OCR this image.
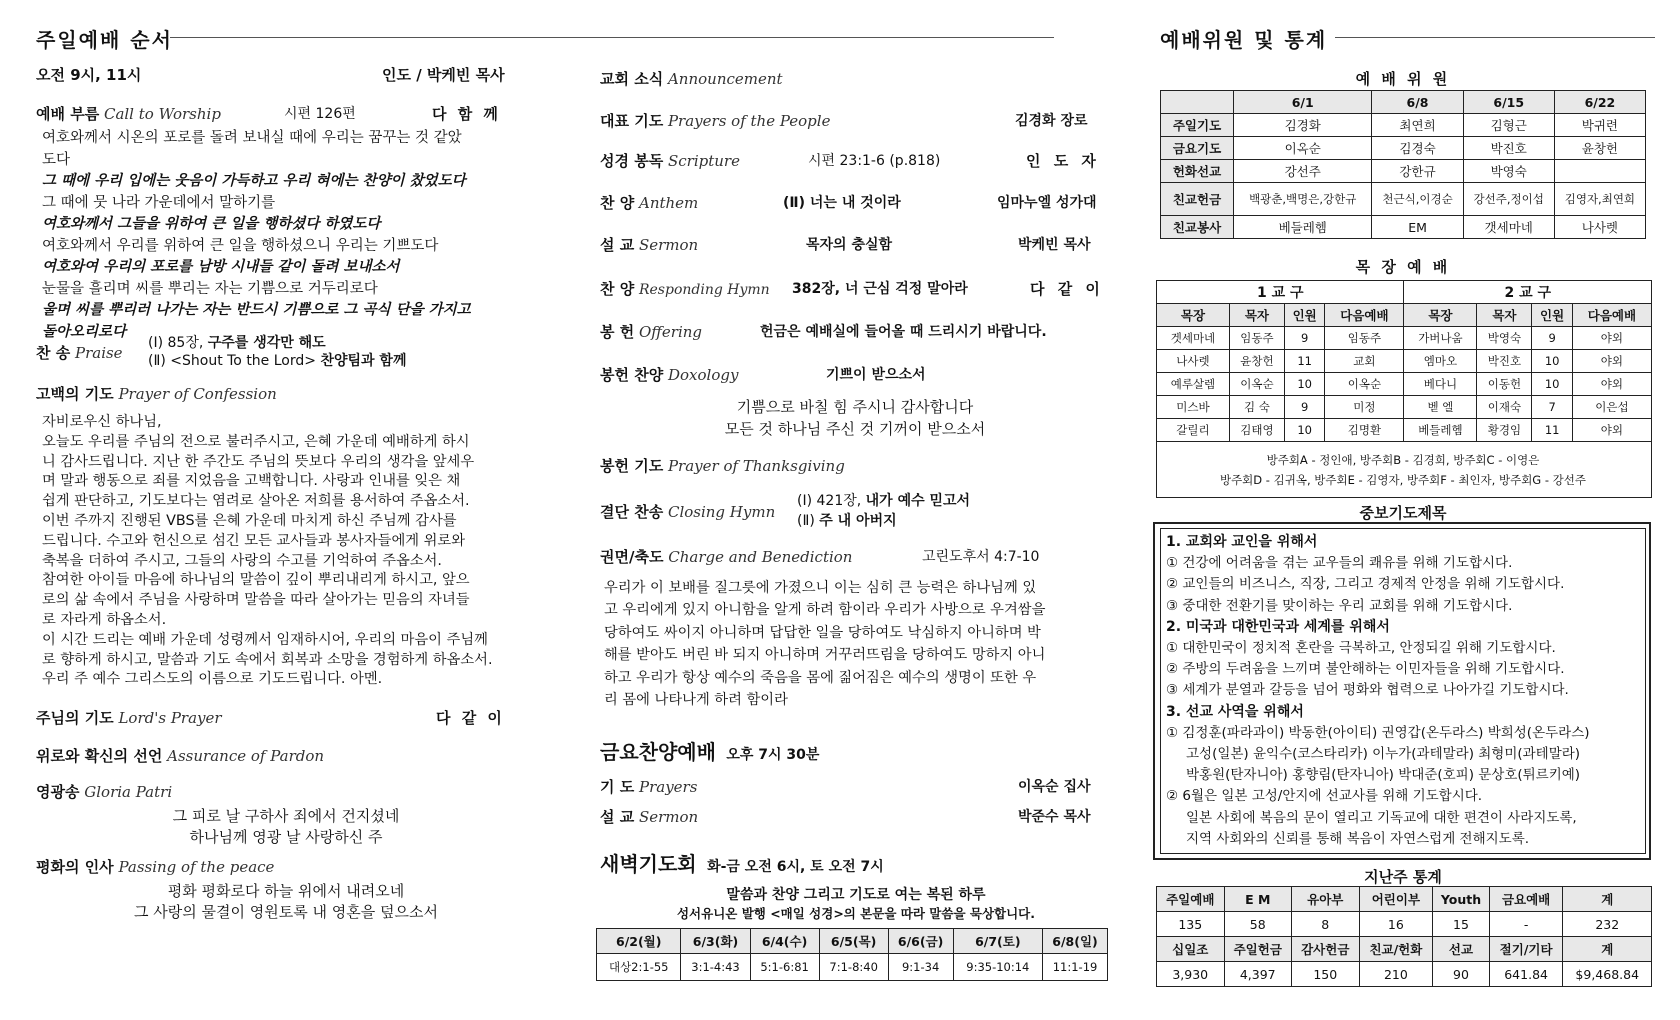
주일예배 순서
오전 9시, 11시	인도 / 박케빈 목사
예배 부름 Call to Worship	시편 126편	다 함 께
여호와께서 시온의 포로를 돌려 보내실 때에 우리는 꿈꾸는 것 같았
도다
그 때에 우리 입에는 웃음이 가득하고 우리 혀에는 찬양이 찼었도다
그 때에 뭇 나라 가운데에서 말하기를
여호와께서 그들을 위하여 큰 일을 행하셨다 하였도다
여호와께서 우리를 위하여 큰 일을 행하셨으니 우리는 기쁘도다
여호와여 우리의 포로를 남방 시내들 같이 돌려 보내소서
눈물을 흘리며 씨를 뿌리는 자는 기쁨으로 거두리로다
울며 씨를 뿌리러 나가는 자는 반드시 기쁨으로 그 곡식 단을 가지고
돌아오리로다
찬 송 Praise
(Ⅰ) 85장, 구주를 생각만 해도
(Ⅱ) <Shout To the Lord> 찬양팀과 함께
고백의 기도 Prayer of Confession
자비로우신 하나님,
오늘도 우리를 주님의 전으로 불러주시고, 은혜 가운데 예배하게 하시
니 감사드립니다. 지난 한 주간도 주님의 뜻보다 우리의 생각을 앞세우
며 말과 행동으로 죄를 지었음을 고백합니다. 사랑과 인내를 잊은 채
쉽게 판단하고, 기도보다는 염려로 살아온 저희를 용서하여 주옵소서.
이번 주까지 진행된 VBS를 은혜 가운데 마치게 하신 주님께 감사를
드립니다. 수고와 헌신으로 섬긴 모든 교사들과 봉사자들에게 위로와
축복을 더하여 주시고, 그들의 사랑의 수고를 기억하여 주옵소서.
참여한 아이들 마음에 하나님의 말씀이 깊이 뿌리내리게 하시고, 앞으
로의 삶 속에서 주님을 사랑하며 말씀을 따라 살아가는 믿음의 자녀들
로 자라게 하옵소서.
이 시간 드리는 예배 가운데 성령께서 임재하시어, 우리의 마음이 주님께
로 향하게 하시고, 말씀과 기도 속에서 회복과 소망을 경험하게 하옵소서.
우리 주 예수 그리스도의 이름으로 기도드립니다. 아멘.
주님의 기도 Lord's Prayer	다 같 이
위로와 확신의 선언 Assurance of Pardon
영광송 Gloria Patri
그 피로 날 구하사 죄에서 건지셨네
하나님께 영광 날 사랑하신 주
평화의 인사 Passing of the peace
평화 평화로다 하늘 위에서 내려오네
그 사랑의 물결이 영원토록 내 영혼을 덮으소서
교회 소식 Announcement
대표 기도 Prayers of the People	김경화 장로
성경 봉독 Scripture	시편 23:1-6 (p.818)	인 도 자
찬 양 Anthem	(Ⅱ) 너는 내 것이라	임마누엘 성가대
설 교 Sermon	목자의 충실함	박케빈 목사
찬 양 Responding Hymn 382장, 너 근심 걱정 말아라	다 같 이
봉 헌 Offering	헌금은 예배실에 들어올 때 드리시기 바랍니다.
봉헌 찬양 Doxology	기쁘이 받으소서
기쁨으로 바칠 힘 주시니 감사합니다
모든 것 하나님 주신 것 기꺼이 받으소서
봉헌 기도 Prayer of Thanksgiving
결단 찬송 Closing Hymn
(Ⅰ) 421장, 내가 예수 믿고서
(Ⅱ) 주 내 아버지
권면/축도 Charge and Benediction	고린도후서 4:7-10
우리가 이 보배를 질그릇에 가졌으니 이는 심히 큰 능력은 하나님께 있
고 우리에게 있지 아니함을 알게 하려 함이라 우리가 사방으로 우겨쌈을
당하여도 싸이지 아니하며 답답한 일을 당하여도 낙심하지 아니하며 박
해를 받아도 버린 바 되지 아니하며 거꾸러뜨림을 당하여도 망하지 아니
하고 우리가 항상 예수의 죽음을 몸에 짊어짐은 예수의 생명이 또한 우
리 몸에 나타나게 하려 함이라
금요찬양예배 오후 7시 30분
기 도 Prayers	이옥순 집사
설 교 Sermon	박준수 목사
새벽기도회 화-금 오전 6시, 토 오전 7시
말씀과 찬양 그리고 기도로 여는 복된 하루
성서유니온 발행 <매일 성경>의 본문을 따라 말씀을 묵상합니다.
6/2(월)	6/3(화)	6/4(수)	6/5(목)	6/6(금)	6/7(토)	6/8(일)
대상2:1-55	3:1-4:43	5:1-6:81	7:1-8:40	9:1-34	9:35-10:14	11:1-19
예배위원 및 통계
예 배 위 원
	6/1	6/8	6/15	6/22
주일기도	김경화	최연희	김형근	박귀련
금요기도	이옥순	김경숙	박진호	윤창헌
헌화선교	강선주	강한규	박영숙	
친교헌금	백광춘,백명은,강한규	천근식,이경순	강선주,정이섭	김영자,최연희
친교봉사	베들레헴	EM	갯세마네	나사렛
목 장 예 배
1 교 구				2 교 구			
목장	목자	인원	다음예배	목장	목자	인원	다음예배
겟세마네	임동주	9	임동주	가버나움	박영숙	9	야외
나사렛	윤창헌	11	교회	엠마오	박진호	10	야외
예루살렘	이옥순	10	이옥순	베다니	이동헌	10	야외
미스바	김 숙	9	미정	벧 엘	이재숙	7	이은섭
갈릴리	김태영	10	김명환	베들레헴	황경임	11	야외
방주회A - 정인애, 방주회B - 김경희, 방주회C - 이영은
방주회D - 김귀옥, 방주회E - 김영자, 방주회F - 최인자, 방주회G - 강선주
중보기도제목
1. 교회와 교인을 위해서
① 건강에 어려움을 겪는 교우들의 쾌유를 위해 기도합시다.
② 교인들의 비즈니스, 직장, 그리고 경제적 안정을 위해 기도합시다.
③ 중대한 전환기를 맞이하는 우리 교회를 위해 기도합시다.
2. 미국과 대한민국과 세계를 위해서
① 대한민국이 정치적 혼란을 극복하고, 안정되길 위해 기도합시다.
② 주방의 두려움을 느끼며 불안해하는 이민자들을 위해 기도합시다.
③ 세계가 분열과 갈등을 넘어 평화와 협력으로 나아가길 기도합시다.
3. 선교 사역을 위해서
① 김정훈(파라과이) 박동한(아이티) 권영갑(온두라스) 박희성(온두라스)
고성(일본) 윤익수(코스타리카) 이누가(과테말라) 최형미(과테말라)
박홍원(탄자니아) 홍향림(탄자니아) 박대준(호피) 문상호(튀르키예)
② 6월은 일본 고성/안지에 선교사를 위해 기도합시다.
일본 사회에 복음의 문이 열리고 기독교에 대한 편견이 사라지도록,
지역 사회와의 신뢰를 통해 복음이 자연스럽게 전해지도록.
지난주 통계
주일예배	E M	유아부	어린이부	Youth	금요예배	계
135	58	8	16	15	-	232
십일조	주일헌금	감사헌금	친교/헌화	선교	절기/기타	계
3,930	4,397	150	210	90	641.84	$9,468.84
